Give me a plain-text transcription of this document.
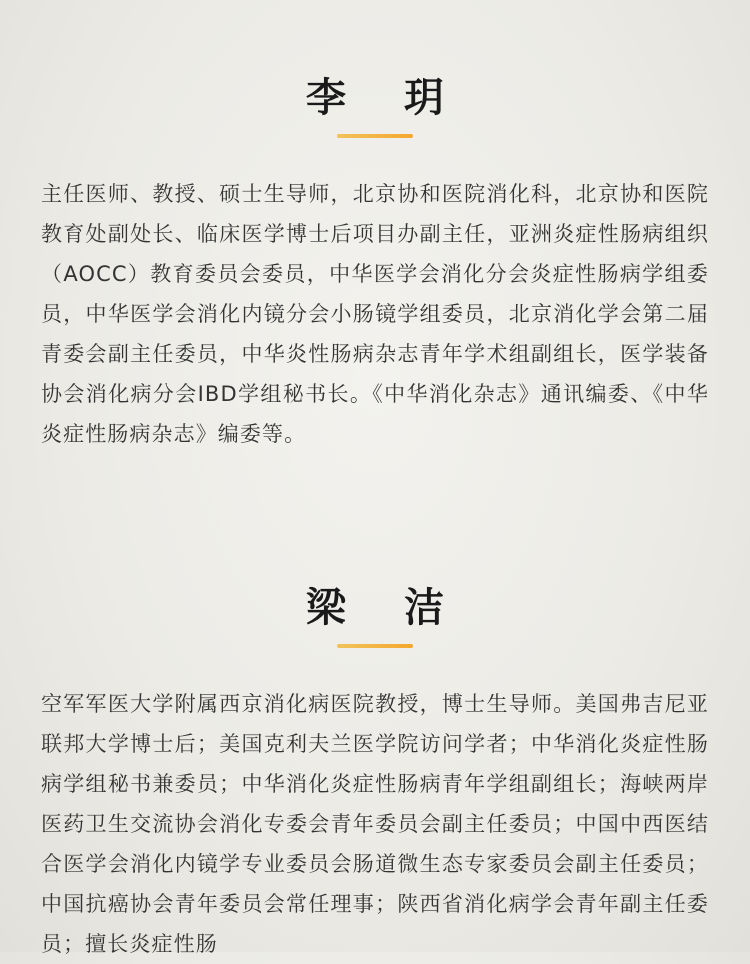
李 玥

主任医师、教授、硕士生导师，北京协和医院消化科，北京协和医院教育处副处长、临床医学博士后项目办副主任，亚洲炎症性肠病组织（AOCC）教育委员会委员，中华医学会消化分会炎症性肠病学组委员，中华医学会消化内镜分会小肠镜学组委员，北京消化学会第二届青委会副主任委员，中华炎性肠病杂志青年学术组副组长，医学装备协会消化病分会IBD学组秘书长。《中华消化杂志》通讯编委、《中华炎症性肠病杂志》编委等。

梁 洁

空军军医大学附属西京消化病医院教授，博士生导师。美国弗吉尼亚联邦大学博士后；美国克利夫兰医学院访问学者；中华消化炎症性肠病学组秘书兼委员；中华消化炎症性肠病青年学组副组长；海峡两岸医药卫生交流协会消化专委会青年委员会副主任委员；中国中西医结合医学会消化内镜学专业委员会肠道微生态专家委员会副主任委员；中国抗癌协会青年委员会常任理事；陕西省消化病学会青年副主任委员；擅长炎症性肠
